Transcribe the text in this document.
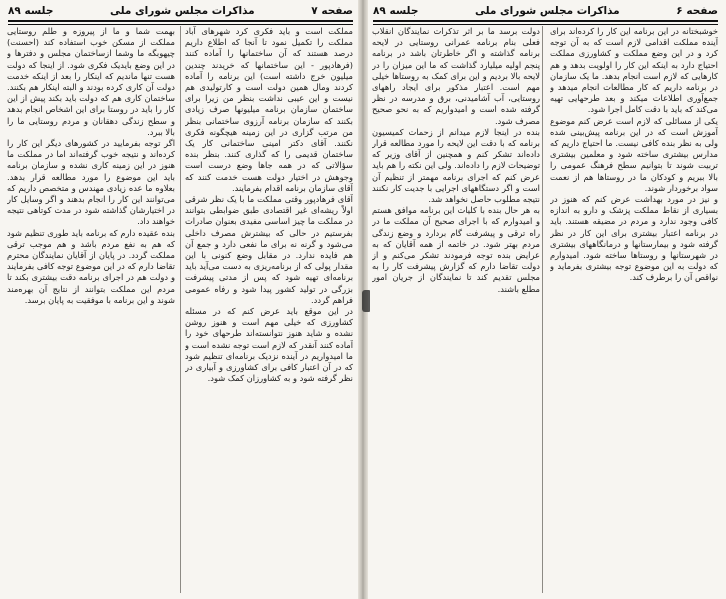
صفحه ۷
مذاکرات مجلس شورای ملی
جلسه ۸۹

مملکت است و باید فکری کرد شهرهای آباد مملکت را تکمیل نمود تا آنجا که اطلاع داریم درصد هستند که آن ساختمانها را آماده کنند (فرهادپور - این ساختمانها که خریدند چندین میلیون خرج داشته است) این برنامه را آماده کردند ومال همین دولت است و کارتولیدی هم نیست و این عیبی نداشت بنظر من زیرا برای ساختمان سازمان برنامه میلیونها صرف زیادی بکنند که سازمان برنامه آرزوی ساختمانی بنظر من مرتب گزاری در این زمینه هیچگونه فکری نکنند. آقای دکتر امینی ساختمانی کار یک ساختمان قدیمی را که گذاری کنند. بنظر بنده سؤالاتی که در همه جاها وضع درست است وجوهش در اختیار دولت هست خدمت کنند که آقای سازمان برنامه اقدام بفرمایند.

آقای فرهادپور وقتی مملکت ما با یک نظر شرقی اولاً ریشه‌ای غیر اقتصادی طبق ضوابطی بتوانند در مملکت ما چیز اساسی مفیدی بعنوان صادرات بفرستیم در حالی که بیشترش مصرف داخلی می‌شود و گرنه نه برای ما نفعی دارد و جمع آن هم فایده ندارد. در مقابل وضع کنونی با این مقدار پولی که از برنامه‌ریزی به دست می‌آید باید برنامه‌ای تهیه شود که پس از مدتی پیشرفت بزرگی در تولید کشور پیدا شود و رفاه عمومی فراهم گردد.

در این موقع باید عرض کنم که در مسئله کشاورزی که خیلی مهم است و هنوز روشن نشده و شاید هنوز نتوانسته‌اند طرحهای خود را آماده کنند آنقدر که لازم است توجه نشده است و ما امیدواریم در آینده نزدیک برنامه‌ای تنظیم شود که در آن اعتبار کافی برای کشاورزی و آبیاری در نظر گرفته شود و به کشاورزان کمک شود.

بهمت شما و ما از پیروزه و طلم روستایی مملکت از مسکن خوب استفاده کند (احسنت) چیهوبگه ما وشما ازساختمان مجلس و دفترها و در این وضع بایدیک فکری شود. از اینجا که دولت هست تنها ماندیم که اینکار را بعد از اینکه خدمت دولت آن کاری کرده بودند و البته اینکار هم بکنند. ساختمان کاری هم که دولت باید بکند پیش از این کار را باید در روستا برای این اشخاص انجام بدهد و سطح زندگی دهقانان و مردم روستایی ما را بالا ببرد.

اگر توجه بفرمایید در کشورهای دیگر این کار را کرده‌اند و نتیجه خوب گرفته‌اند اما در مملکت ما هنوز در این زمینه کاری نشده و سازمان برنامه باید این موضوع را مورد مطالعه قرار بدهد. بعلاوه ما عده زیادی مهندس و متخصص داریم که می‌توانند این کار را انجام بدهند و اگر وسایل کار در اختیارشان گذاشته شود در مدت کوتاهی نتیجه خواهند داد.

بنده عقیده دارم که برنامه باید طوری تنظیم شود که هم به نفع مردم باشد و هم موجب ترقی مملکت گردد. در پایان از آقایان نمایندگان محترم تقاضا دارم که در این موضوع توجه کافی بفرمایند و دولت هم در اجرای برنامه دقت بیشتری بکند تا مردم این مملکت بتوانند از نتایج آن بهره‌مند شوند و این برنامه با موفقیت به پایان برسد.

صفحه ۶
مذاکرات مجلس شورای ملی
جلسه ۸۹

خوشبختانه در این برنامه این کار را کرده‌اند برای آینده مملکت اقدامی لازم است که به آن توجه کرد و در این وضع مملکت و کشاورزی مملکت احتیاج دارد به اینکه این کار را اولویت بدهد و هم کارهایی که لازم است انجام بدهد. ما یک سازمان در برنامه داریم که کار مطالعات انجام میدهد و جمع‌آوری اطلاعات میکند و بعد طرحهایی تهیه می‌کند که باید با دقت کامل اجرا شود.

یکی از مسائلی که لازم است عرض کنم موضوع آموزش است که در این برنامه پیش‌بینی شده ولی به نظر بنده کافی نیست. ما احتیاج داریم که مدارس بیشتری ساخته شود و معلمین بیشتری تربیت شوند تا بتوانیم سطح فرهنگ عمومی را بالا ببریم و کودکان ما در روستاها هم از نعمت سواد برخوردار شوند.

و نیز در مورد بهداشت عرض کنم که هنوز در بسیاری از نقاط مملکت پزشک و دارو به اندازه کافی وجود ندارد و مردم در مضیقه هستند. باید در برنامه اعتبار بیشتری برای این کار در نظر گرفته شود و بیمارستانها و درمانگاههای بیشتری در شهرستانها و روستاها ساخته شود. امیدوارم که دولت به این موضوع توجه بیشتری بفرماید و نواقص آن را برطرف کند.

دولت برسد ما بر اثر تذکرات نمایندگان انقلاب فعلی بنام برنامه عمرانی روستایی در لایحه برنامه گذاشته و اگر خاطرتان باشد در برنامه پنجم اولیه میلیارد گذاشت که ما این میزان را در لایحه بالا بردیم و این برای کمک به روستاها خیلی مهم است. اعتبار مذکور برای ایجاد راههای روستایی، آب آشامیدنی، برق و مدرسه در نظر گرفته شده است و امیدواریم که به نحو صحیح مصرف شود.

بنده در اینجا لازم میدانم از زحمات کمیسیون برنامه که با دقت این لایحه را مورد مطالعه قرار داده‌اند تشکر کنم و همچنین از آقای وزیر که توضیحات لازم را داده‌اند. ولی این نکته را هم باید عرض کنم که اجرای برنامه مهمتر از تنظیم آن است و اگر دستگاههای اجرایی با جدیت کار نکنند نتیجه مطلوب حاصل نخواهد شد.

به هر حال بنده با کلیات این برنامه موافق هستم و امیدوارم که با اجرای صحیح آن مملکت ما در راه ترقی و پیشرفت گام بردارد و وضع زندگی مردم بهتر شود. در خاتمه از همه آقایان که به عرایض بنده توجه فرمودند تشکر می‌کنم و از دولت تقاضا دارم که گزارش پیشرفت کار را به مجلس تقدیم کند تا نمایندگان از جریان امور مطلع باشند.
